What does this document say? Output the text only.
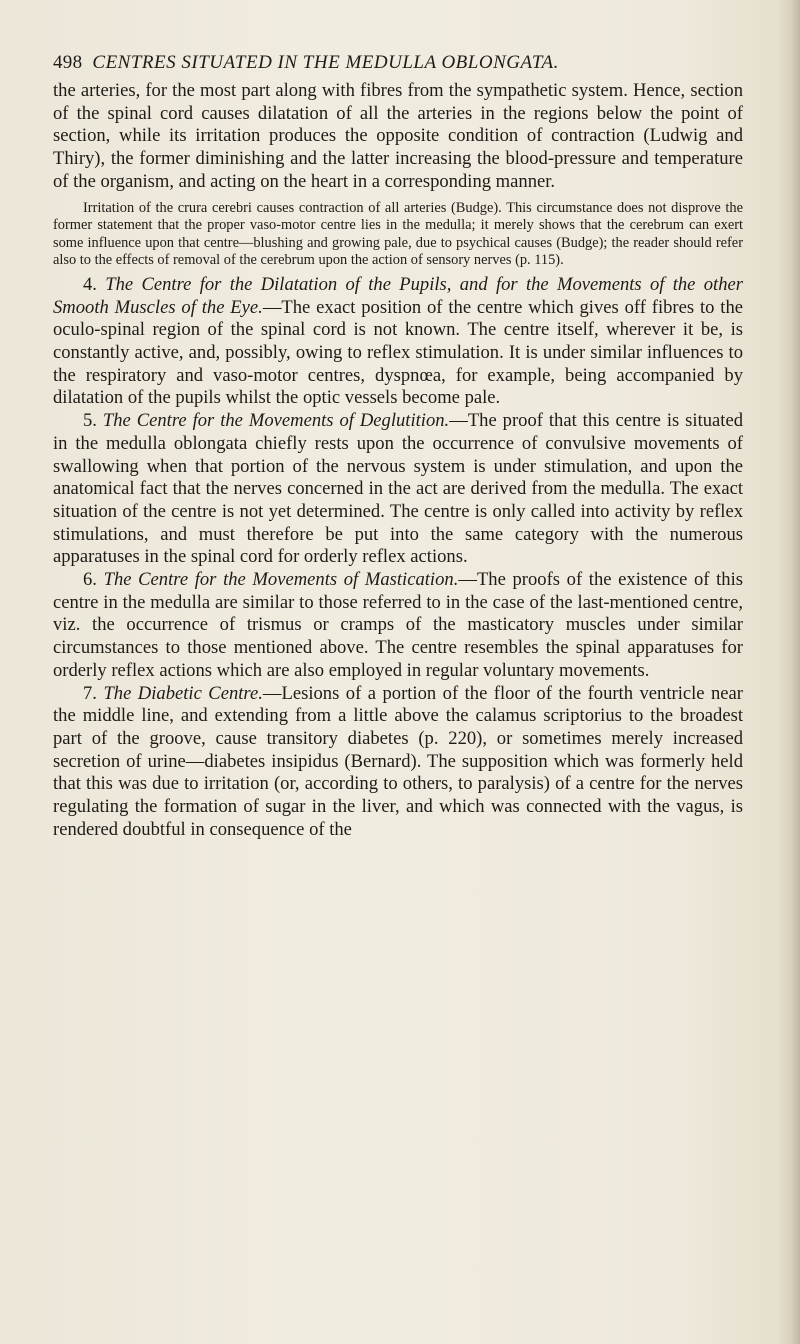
498 CENTRES SITUATED IN THE MEDULLA OBLONGATA.

the arteries, for the most part along with fibres from the sympathetic system. Hence, section of the spinal cord causes dilatation of all the arteries in the regions below the point of section, while its irritation produces the opposite condition of contraction (Ludwig and Thiry), the former diminishing and the latter increasing the blood-pressure and temperature of the organism, and acting on the heart in a corresponding manner.

Irritation of the crura cerebri causes contraction of all arteries (Budge). This circumstance does not disprove the former statement that the proper vaso-motor centre lies in the medulla; it merely shows that the cerebrum can exert some influence upon that centre—blushing and growing pale, due to psychical causes (Budge); the reader should refer also to the effects of removal of the cerebrum upon the action of sensory nerves (p. 115).

4. The Centre for the Dilatation of the Pupils, and for the Movements of the other Smooth Muscles of the Eye.—The exact position of the centre which gives off fibres to the oculo-spinal region of the spinal cord is not known. The centre itself, wherever it be, is constantly active, and, possibly, owing to reflex stimulation. It is under similar influences to the respiratory and vaso-motor centres, dyspnœa, for example, being accompanied by dilatation of the pupils whilst the optic vessels become pale.

5. The Centre for the Movements of Deglutition.—The proof that this centre is situated in the medulla oblongata chiefly rests upon the occurrence of convulsive movements of swallowing when that portion of the nervous system is under stimulation, and upon the anatomical fact that the nerves concerned in the act are derived from the medulla. The exact situation of the centre is not yet determined. The centre is only called into activity by reflex stimulations, and must therefore be put into the same category with the numerous apparatuses in the spinal cord for orderly reflex actions.

6. The Centre for the Movements of Mastication.—The proofs of the existence of this centre in the medulla are similar to those referred to in the case of the last-mentioned centre, viz. the occurrence of trismus or cramps of the masticatory muscles under similar circumstances to those mentioned above. The centre resembles the spinal apparatuses for orderly reflex actions which are also employed in regular voluntary movements.

7. The Diabetic Centre.—Lesions of a portion of the floor of the fourth ventricle near the middle line, and extending from a little above the calamus scriptorius to the broadest part of the groove, cause transitory diabetes (p. 220), or sometimes merely increased secretion of urine—diabetes insipidus (Bernard). The supposition which was formerly held that this was due to irritation (or, according to others, to paralysis) of a centre for the nerves regulating the formation of sugar in the liver, and which was connected with the vagus, is rendered doubtful in consequence of the
